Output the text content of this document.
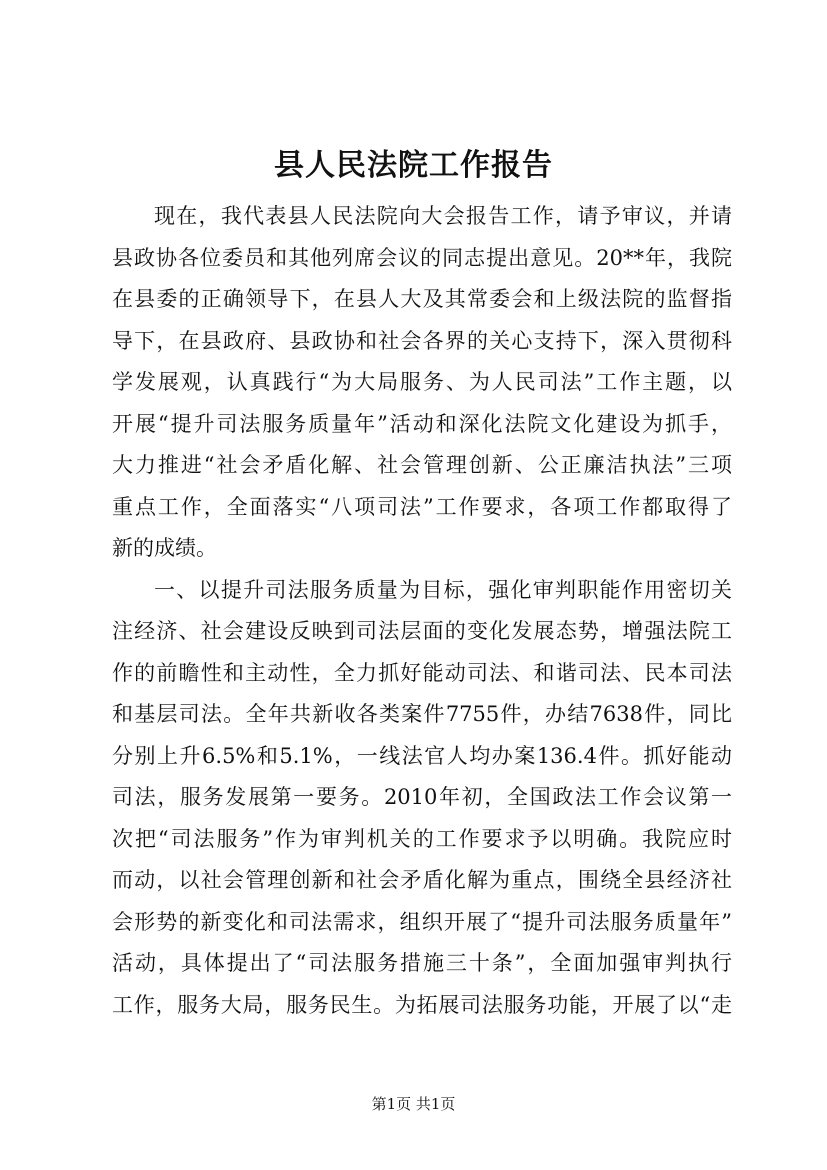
县人民法院工作报告
现在，我代表县人民法院向大会报告工作，请予审议，并请
县政协各位委员和其他列席会议的同志提出意见。20**年，我院
在县委的正确领导下，在县人大及其常委会和上级法院的监督指
导下，在县政府、县政协和社会各界的关心支持下，深入贯彻科
学发展观，认真践行“为大局服务、为人民司法”工作主题，以
开展“提升司法服务质量年”活动和深化法院文化建设为抓手，
大力推进“社会矛盾化解、社会管理创新、公正廉洁执法”三项
重点工作，全面落实“八项司法”工作要求，各项工作都取得了
新的成绩。
一、以提升司法服务质量为目标，强化审判职能作用密切关
注经济、社会建设反映到司法层面的变化发展态势，增强法院工
作的前瞻性和主动性，全力抓好能动司法、和谐司法、民本司法
和基层司法。全年共新收各类案件7755件，办结7638件，同比
分别上升6.5%和5.1%，一线法官人均办案136.4件。抓好能动
司法，服务发展第一要务。2010年初，全国政法工作会议第一
次把“司法服务”作为审判机关的工作要求予以明确。我院应时
而动，以社会管理创新和社会矛盾化解为重点，围绕全县经济社
会形势的新变化和司法需求，组织开展了“提升司法服务质量年”
活动，具体提出了“司法服务措施三十条”，全面加强审判执行
工作，服务大局，服务民生。为拓展司法服务功能，开展了以“走
第1页 共1页
